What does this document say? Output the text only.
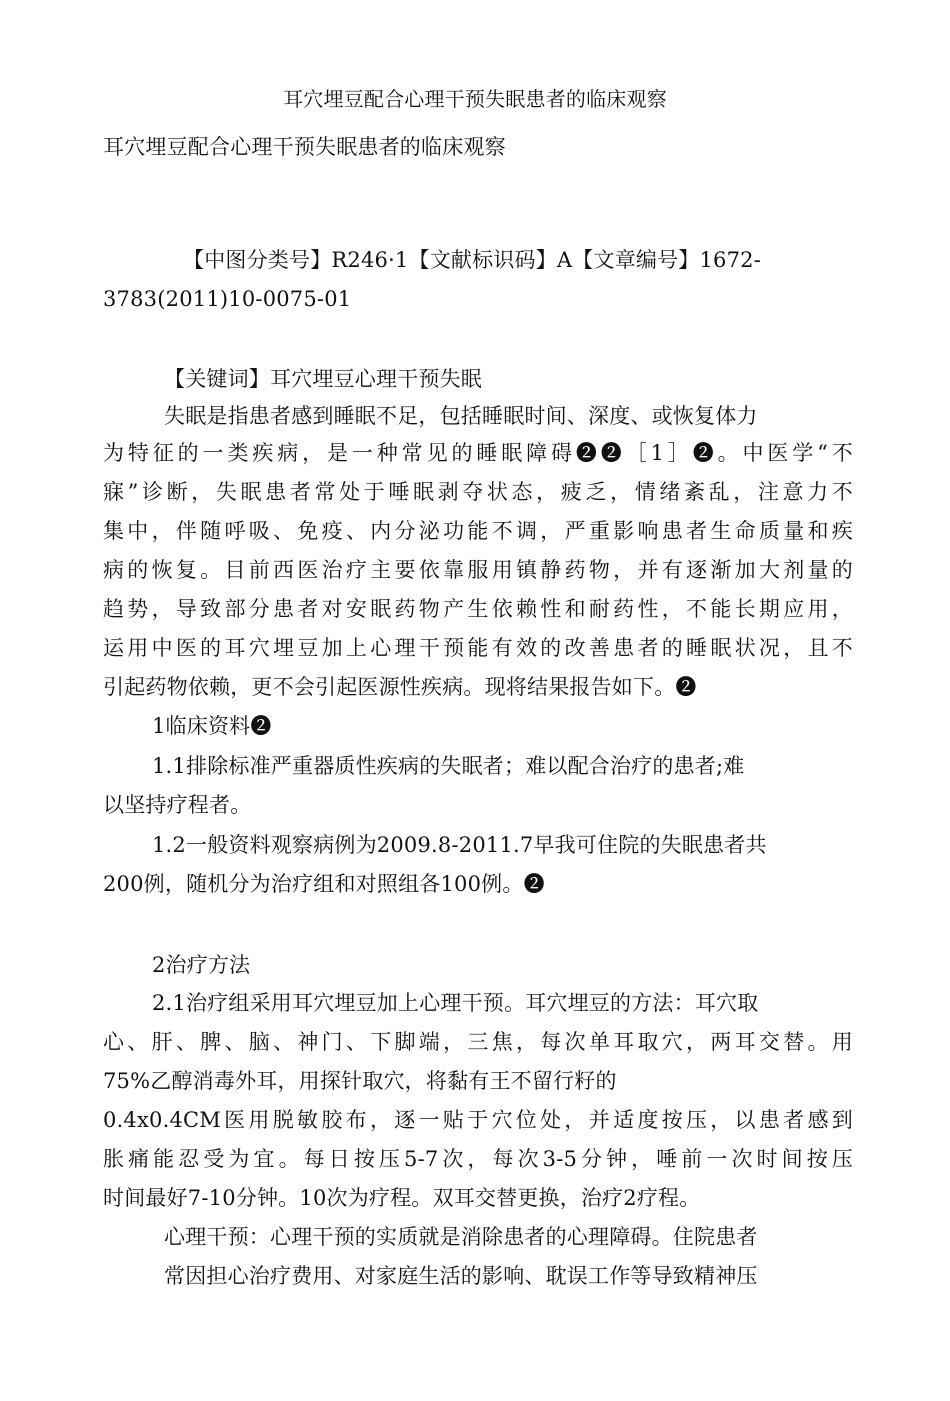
耳穴埋豆配合心理干预失眠患者的临床观察
耳穴埋豆配合心理干预失眠患者的临床观察
【中图分类号】R246·1【文献标识码】A【文章编号】1672-
3783(2011)10-0075-01
【关键词】耳穴埋豆心理干预失眠
失眠是指患者感到睡眠不足，包括睡眠时间、深度、或恢复体力
为特征的一类疾病，是一种常见的睡眠障碍❷❷［1］❷。中医学“不
寐”诊断，失眠患者常处于唾眠剥夺状态，疲乏，情绪紊乱，注意力不
集中，伴随呼吸、免疫、内分泌功能不调，严重影响患者生命质量和疾
病的恢复。目前西医治疗主要依靠服用镇静药物，并有逐渐加大剂量的
趋势，导致部分患者对安眠药物产生依赖性和耐药性，不能长期应用，
运用中医的耳穴埋豆加上心理干预能有效的改善患者的睡眠状况，且不
引起药物依赖，更不会引起医源性疾病。现将结果报告如下。❷
1临床资料❷
1.1排除标准严重器质性疾病的失眠者；难以配合治疗的患者;难
以坚持疗程者。
1.2一般资料观察病例为2009.8-2011.7早我可住院的失眠患者共
200例，随机分为治疗组和对照组各100例。❷
2治疗方法
2.1治疗组采用耳穴埋豆加上心理干预。耳穴埋豆的方法：耳穴取
心、肝、脾、脑、神门、下脚端，三焦，每次单耳取穴，两耳交替。用
75%乙醇消毒外耳，用探针取穴，将黏有王不留行籽的
0.4x0.4CM医用脱敏胶布，逐一贴于穴位处，并适度按压，以患者感到
胀痛能忍受为宜。每日按压5-7次，每次3-5分钟，唾前一次时间按压
时间最好7-10分钟。10次为疗程。双耳交替更换，治疗2疗程。
心理干预：心理干预的实质就是消除患者的心理障碍。住院患者
常因担心治疗费用、对家庭生活的影响、耽误工作等导致精神压
